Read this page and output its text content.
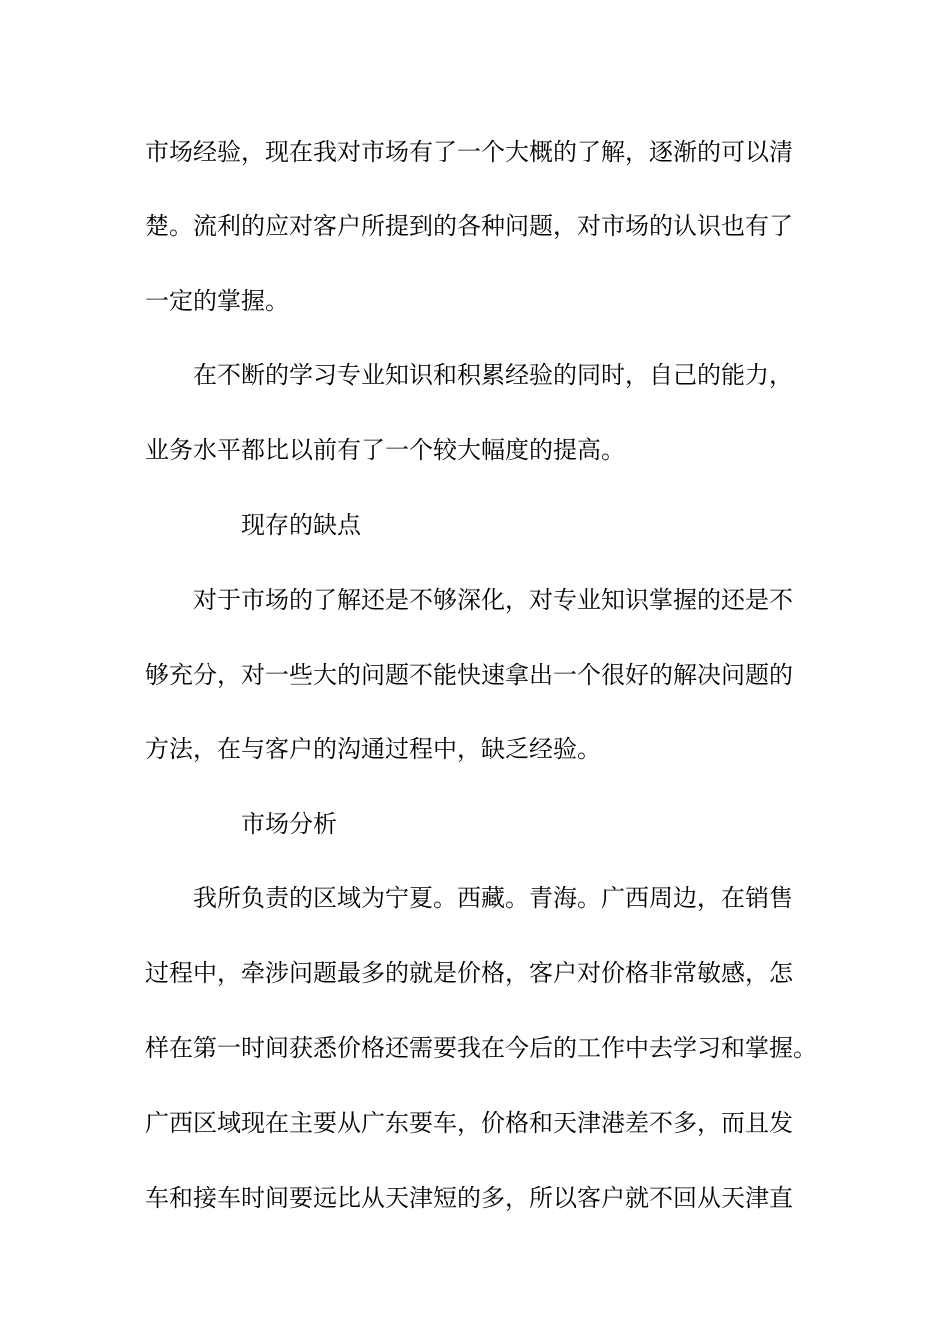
市场经验，现在我对市场有了一个大概的了解，逐渐的可以清
楚。流利的应对客户所提到的各种问题，对市场的认识也有了
一定的掌握。
在不断的学习专业知识和积累经验的同时，自己的能力，
业务水平都比以前有了一个较大幅度的提高。
现存的缺点
对于市场的了解还是不够深化，对专业知识掌握的还是不
够充分，对一些大的问题不能快速拿出一个很好的解决问题的
方法，在与客户的沟通过程中，缺乏经验。
市场分析
我所负责的区域为宁夏。西藏。青海。广西周边，在销售
过程中，牵涉问题最多的就是价格，客户对价格非常敏感，怎
样在第一时间获悉价格还需要我在今后的工作中去学习和掌握。
广西区域现在主要从广东要车，价格和天津港差不多，而且发
车和接车时间要远比从天津短的多，所以客户就不回从天津直
